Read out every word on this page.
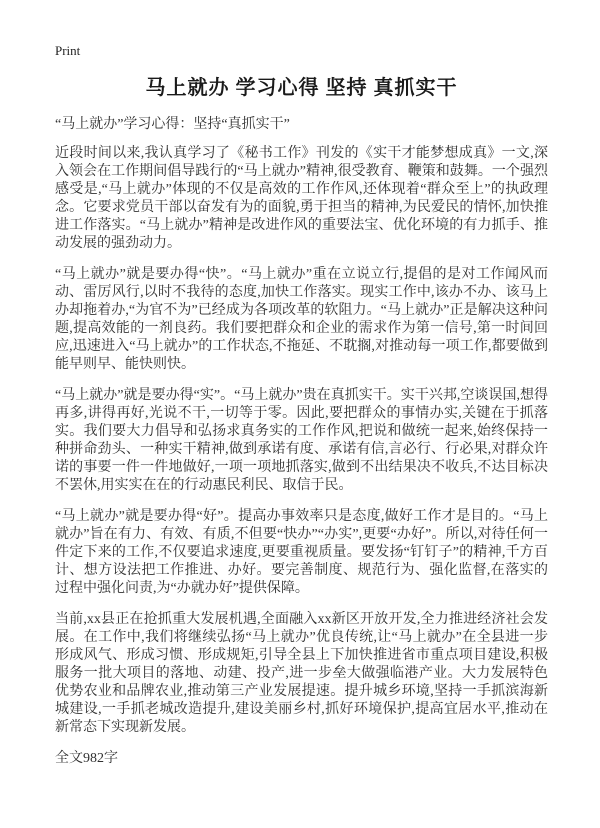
Print
马上就办 学习心得 坚持 真抓实干

“马上就办”学习心得：坚持“真抓实干”

近段时间以来,我认真学习了《秘书工作》刊发的《实干才能梦想成真》一文,深入领会在工作期间倡导践行的“马上就办”精神,很受教育、鞭策和鼓舞。一个强烈感受是,“马上就办”体现的不仅是高效的工作作风,还体现着“群众至上”的执政理念。它要求党员干部以奋发有为的面貌,勇于担当的精神,为民爱民的情怀,加快推进工作落实。“马上就办”精神是改进作风的重要法宝、优化环境的有力抓手、推动发展的强劲动力。

“马上就办”就是要办得“快”。“马上就办”重在立说立行,提倡的是对工作闻风而动、雷厉风行,以时不我待的态度,加快工作落实。现实工作中,该办不办、该马上办却拖着办,“为官不为”已经成为各项改革的软阻力。“马上就办”正是解决这种问题,提高效能的一剂良药。我们要把群众和企业的需求作为第一信号,第一时间回应,迅速进入“马上就办”的工作状态,不拖延、不耽搁,对推动每一项工作,都要做到能早则早、能快则快。

“马上就办”就是要办得“实”。“马上就办”贵在真抓实干。实干兴邦,空谈误国,想得再多,讲得再好,光说不干,一切等于零。因此,要把群众的事情办实,关键在于抓落实。我们要大力倡导和弘扬求真务实的工作作风,把说和做统一起来,始终保持一种拼命劲头、一种实干精神,做到承诺有度、承诺有信,言必行、行必果,对群众许诺的事要一件一件地做好,一项一项地抓落实,做到不出结果决不收兵,不达目标决不罢休,用实实在在的行动惠民利民、取信于民。

“马上就办”就是要办得“好”。提高办事效率只是态度,做好工作才是目的。“马上就办”旨在有力、有效、有质,不但要“快办”“办实”,更要“办好”。所以,对待任何一件定下来的工作,不仅要追求速度,更要重视质量。要发扬“钉钉子”的精神,千方百计、想方设法把工作推进、办好。要完善制度、规范行为、强化监督,在落实的过程中强化问责,为“办就办好”提供保障。

当前,xx县正在抢抓重大发展机遇,全面融入xx新区开放开发,全力推进经济社会发展。在工作中,我们将继续弘扬“马上就办”优良传统,让“马上就办”在全县进一步形成风气、形成习惯、形成规矩,引导全县上下加快推进省市重点项目建设,积极服务一批大项目的落地、动建、投产,进一步垒大做强临港产业。大力发展特色优势农业和品牌农业,推动第三产业发展提速。提升城乡环境,坚持一手抓滨海新城建设,一手抓老城改造提升,建设美丽乡村,抓好环境保护,提高宜居水平,推动在新常态下实现新发展。

全文982字
